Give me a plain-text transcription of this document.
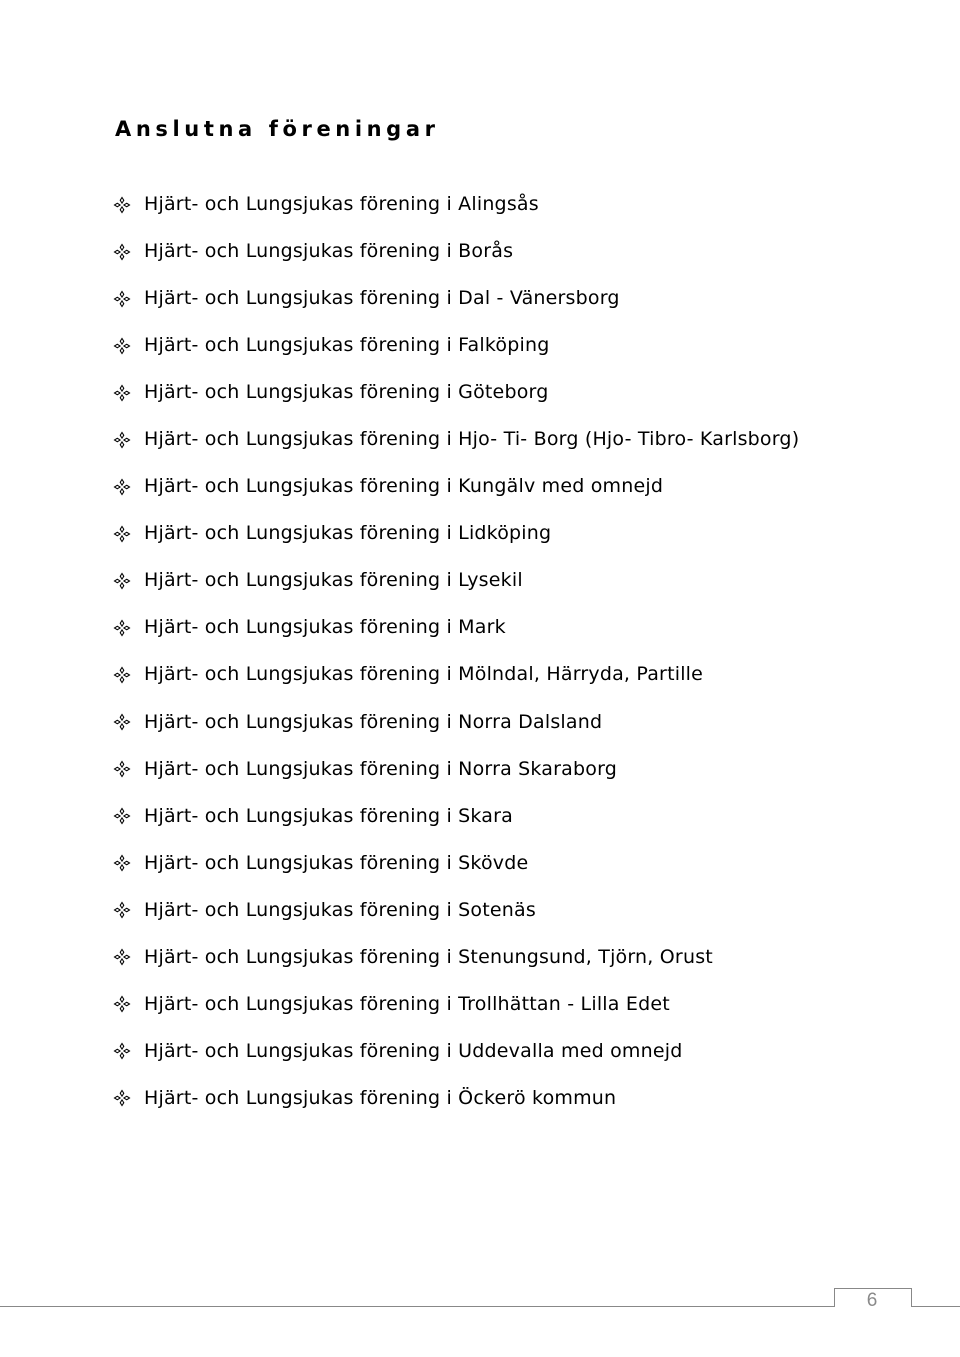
Anslutna föreningar
Hjärt- och Lungsjukas förening i Alingsås
Hjärt- och Lungsjukas förening i Borås
Hjärt- och Lungsjukas förening i Dal - Vänersborg
Hjärt- och Lungsjukas förening i Falköping
Hjärt- och Lungsjukas förening i Göteborg
Hjärt- och Lungsjukas förening i Hjo- Ti- Borg (Hjo- Tibro- Karlsborg)
Hjärt- och Lungsjukas förening i Kungälv med omnejd
Hjärt- och Lungsjukas förening i Lidköping
Hjärt- och Lungsjukas förening i Lysekil
Hjärt- och Lungsjukas förening i Mark
Hjärt- och Lungsjukas förening i Mölndal, Härryda, Partille
Hjärt- och Lungsjukas förening i Norra Dalsland
Hjärt- och Lungsjukas förening i Norra Skaraborg
Hjärt- och Lungsjukas förening i Skara
Hjärt- och Lungsjukas förening i Skövde
Hjärt- och Lungsjukas förening i Sotenäs
Hjärt- och Lungsjukas förening i Stenungsund, Tjörn, Orust
Hjärt- och Lungsjukas förening i Trollhättan - Lilla Edet
Hjärt- och Lungsjukas förening i Uddevalla med omnejd
Hjärt- och Lungsjukas förening i Öckerö kommun
6
